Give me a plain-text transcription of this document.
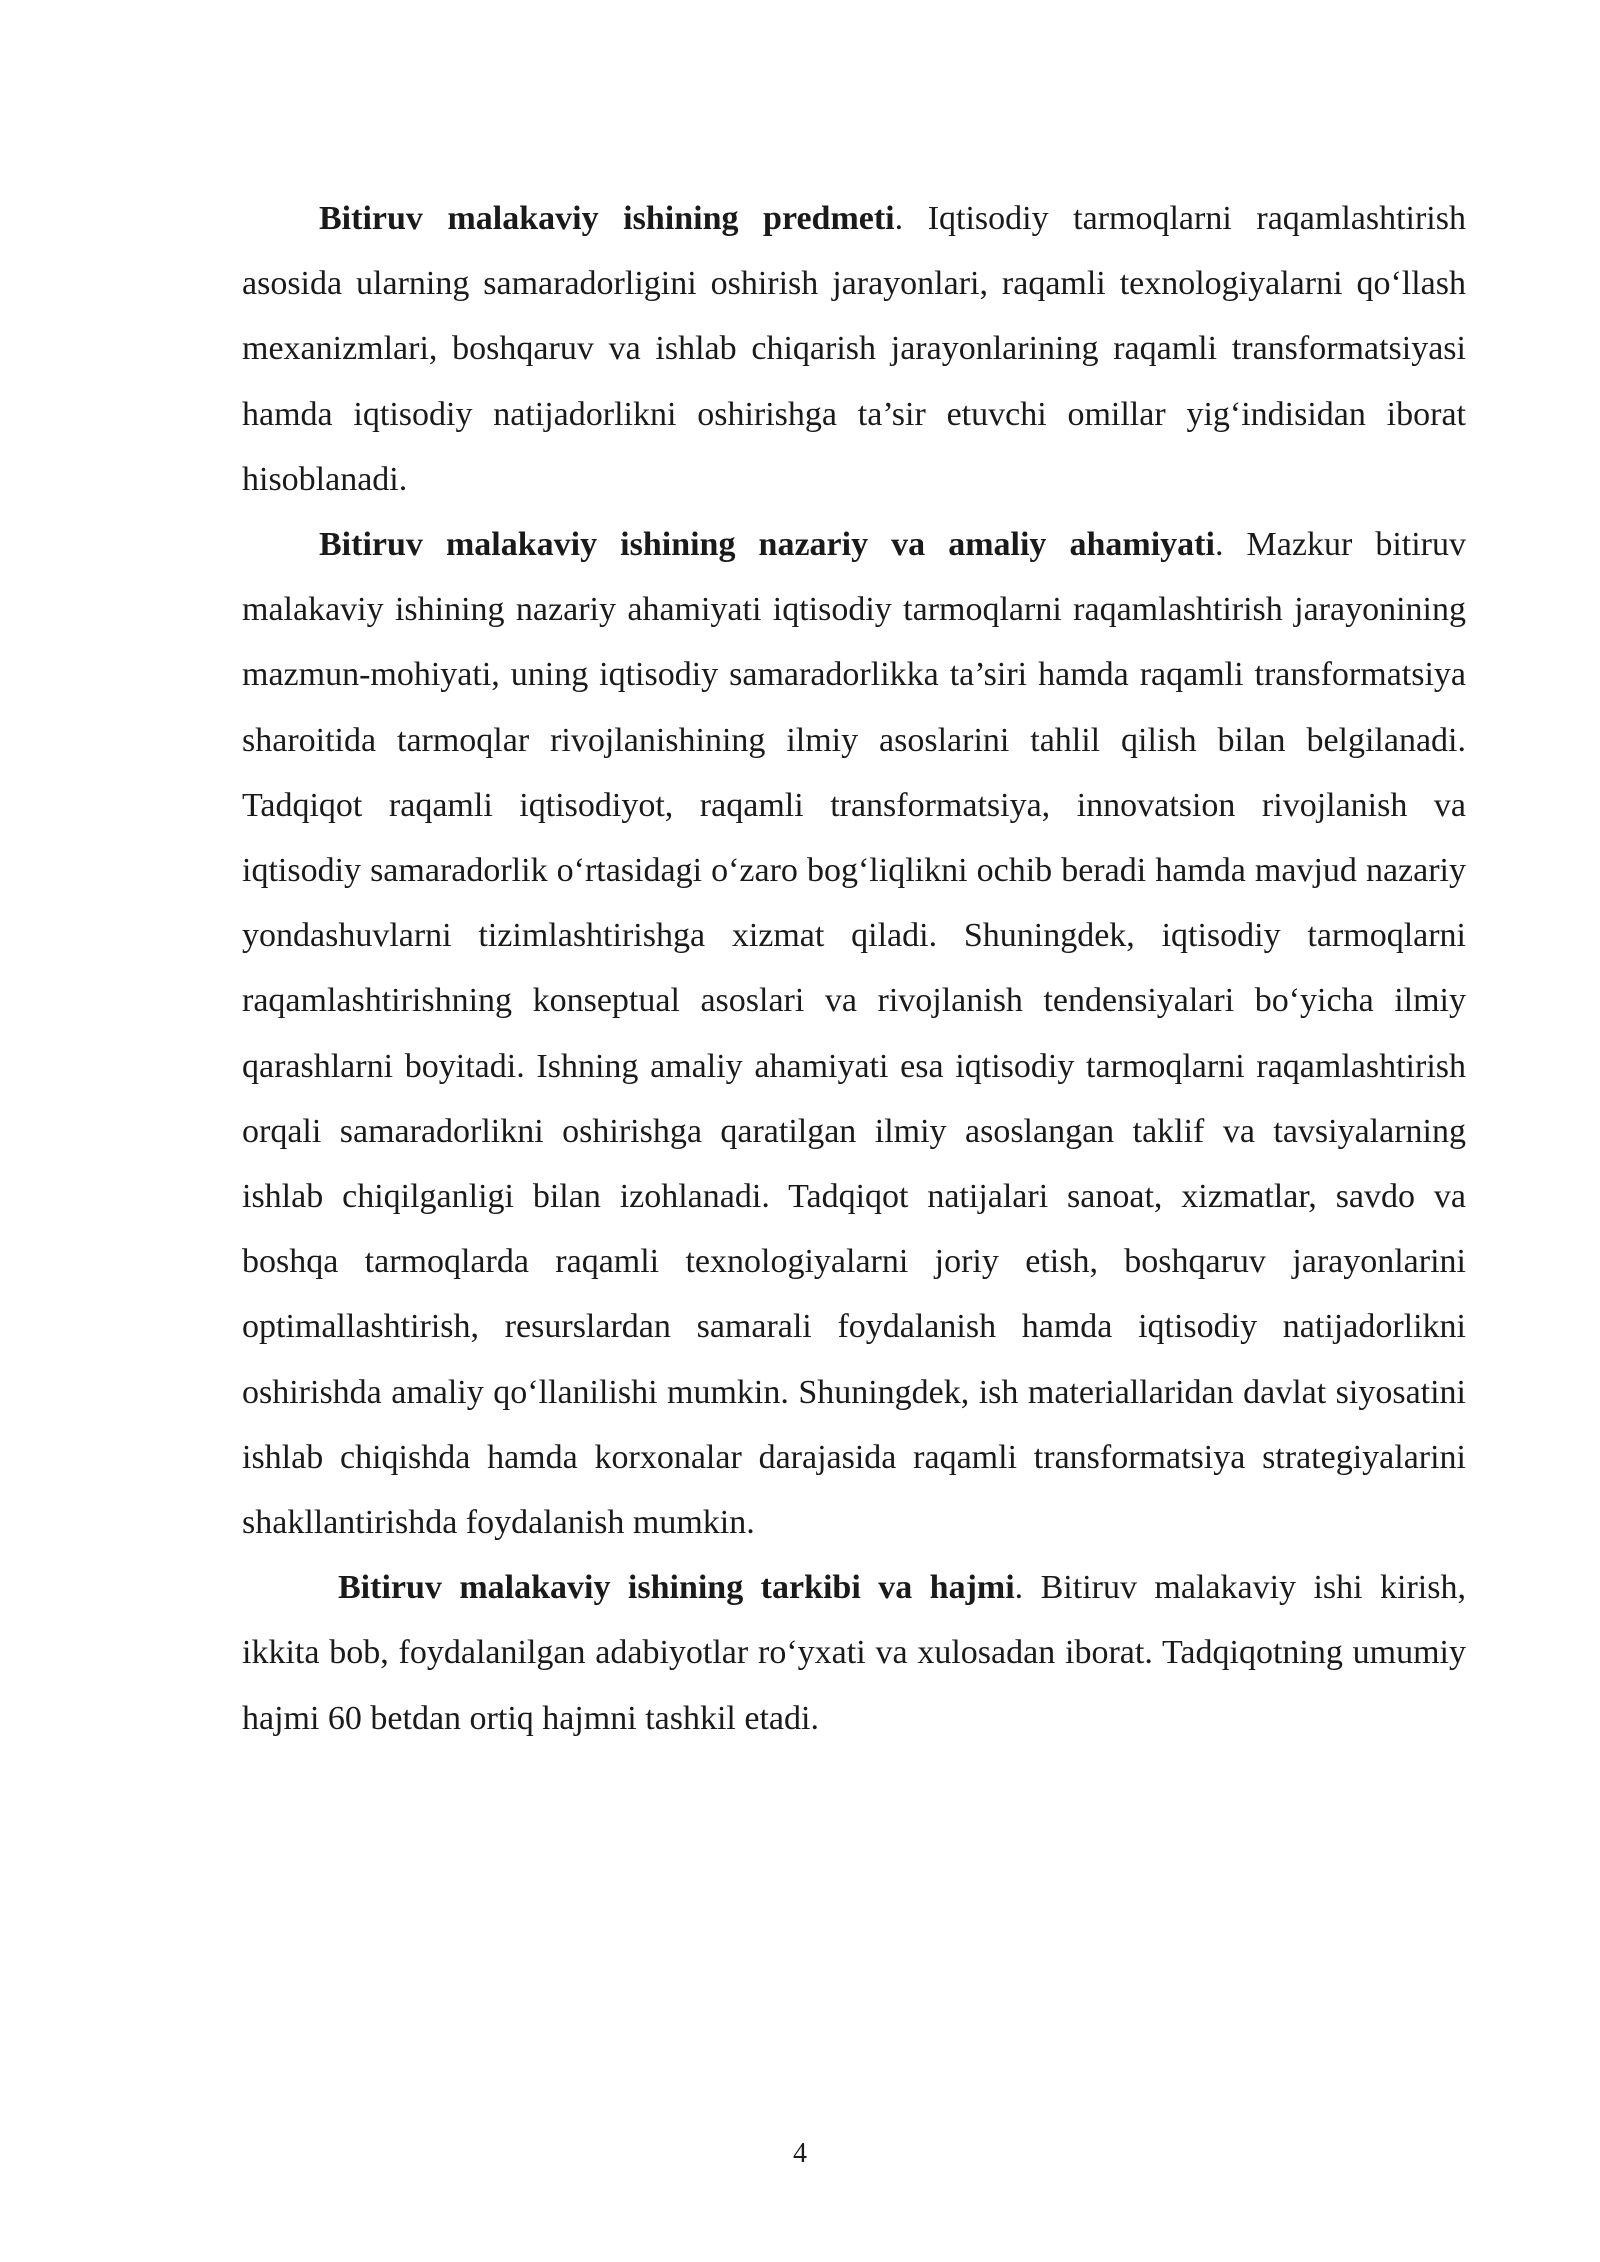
Bitiruv malakaviy ishining predmeti. Iqtisodiy tarmoqlarni raqamlashtirish asosida ularning samaradorligini oshirish jarayonlari, raqamli texnologiyalarni qo‘llash mexanizmlari, boshqaruv va ishlab chiqarish jarayonlarining raqamli transformatsiyasi hamda iqtisodiy natijadorlikni oshirishga ta’sir etuvchi omillar yig‘indisidan iborat hisoblanadi.

Bitiruv malakaviy ishining nazariy va amaliy ahamiyati. Mazkur bitiruv malakaviy ishining nazariy ahamiyati iqtisodiy tarmoqlarni raqamlashtirish jarayonining mazmun-mohiyati, uning iqtisodiy samaradorlikka ta’siri hamda raqamli transformatsiya sharoitida tarmoqlar rivojlanishining ilmiy asoslarini tahlil qilish bilan belgilanadi. Tadqiqot raqamli iqtisodiyot, raqamli transformatsiya, innovatsion rivojlanish va iqtisodiy samaradorlik o‘rtasidagi o‘zaro bog‘liqlikni ochib beradi hamda mavjud nazariy yondashuvlarni tizimlashtirishga xizmat qiladi. Shuningdek, iqtisodiy tarmoqlarni raqamlashtirishning konseptual asoslari va rivojlanish tendensiyalari bo‘yicha ilmiy qarashlarni boyitadi. Ishning amaliy ahamiyati esa iqtisodiy tarmoqlarni raqamlashtirish orqali samaradorlikni oshirishga qaratilgan ilmiy asoslangan taklif va tavsiyalarning ishlab chiqilganligi bilan izohlanadi. Tadqiqot natijalari sanoat, xizmatlar, savdo va boshqa tarmoqlarda raqamli texnologiyalarni joriy etish, boshqaruv jarayonlarini optimallashtirish, resurslardan samarali foydalanish hamda iqtisodiy natijadorlikni oshirishda amaliy qo‘llanilishi mumkin. Shuningdek, ish materiallaridan davlat siyosatini ishlab chiqishda hamda korxonalar darajasida raqamli transformatsiya strategiyalarini shakllantirishda foydalanish mumkin.

Bitiruv malakaviy ishining tarkibi va hajmi. Bitiruv malakaviy ishi kirish, ikkita bob, foydalanilgan adabiyotlar ro‘yxati va xulosadan iborat. Tadqiqotning umumiy hajmi 60 betdan ortiq hajmni tashkil etadi.

4
